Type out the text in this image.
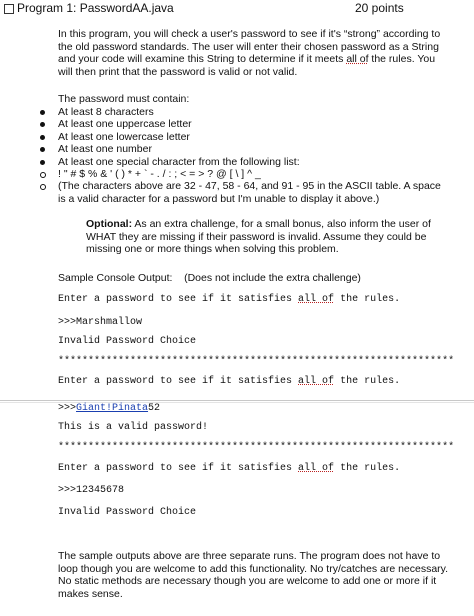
Program 1: PasswordAA.java	20 points
In this program, you will check a user's password to see if it's “strong” according to the old password standards. The user will enter their chosen password as a String and your code will examine this String to determine if it meets all of the rules. You will then print that the password is valid or not valid.
The password must contain:
At least 8 characters
At least one uppercase letter
At least one lowercase letter
At least one number
At least one special character from the following list:
! " # $ % & ' ( ) * + ` - . / : ; < = > ? @ [ \ ] ^ _
(The characters above are 32 - 47, 58 - 64, and 91 - 95 in the ASCII table. A space is a valid character for a password but I'm unable to display it above.)
Optional: As an extra challenge, for a small bonus, also inform the user of WHAT they are missing if their password is invalid. Assume they could be missing one or more things when solving this problem.
Sample Console Output: (Does not include the extra challenge)
Enter a password to see if it satisfies all of the rules.
>>>Marshmallow
Invalid Password Choice
******************************************************************
Enter a password to see if it satisfies all of the rules.
>>>Giant!Pinata52
This is a valid password!
******************************************************************
Enter a password to see if it satisfies all of the rules.
>>>12345678
Invalid Password Choice
The sample outputs above are three separate runs. The program does not have to loop though you are welcome to add this functionality. No try/catches are necessary. No static methods are necessary though you are welcome to add one or more if it makes sense.
